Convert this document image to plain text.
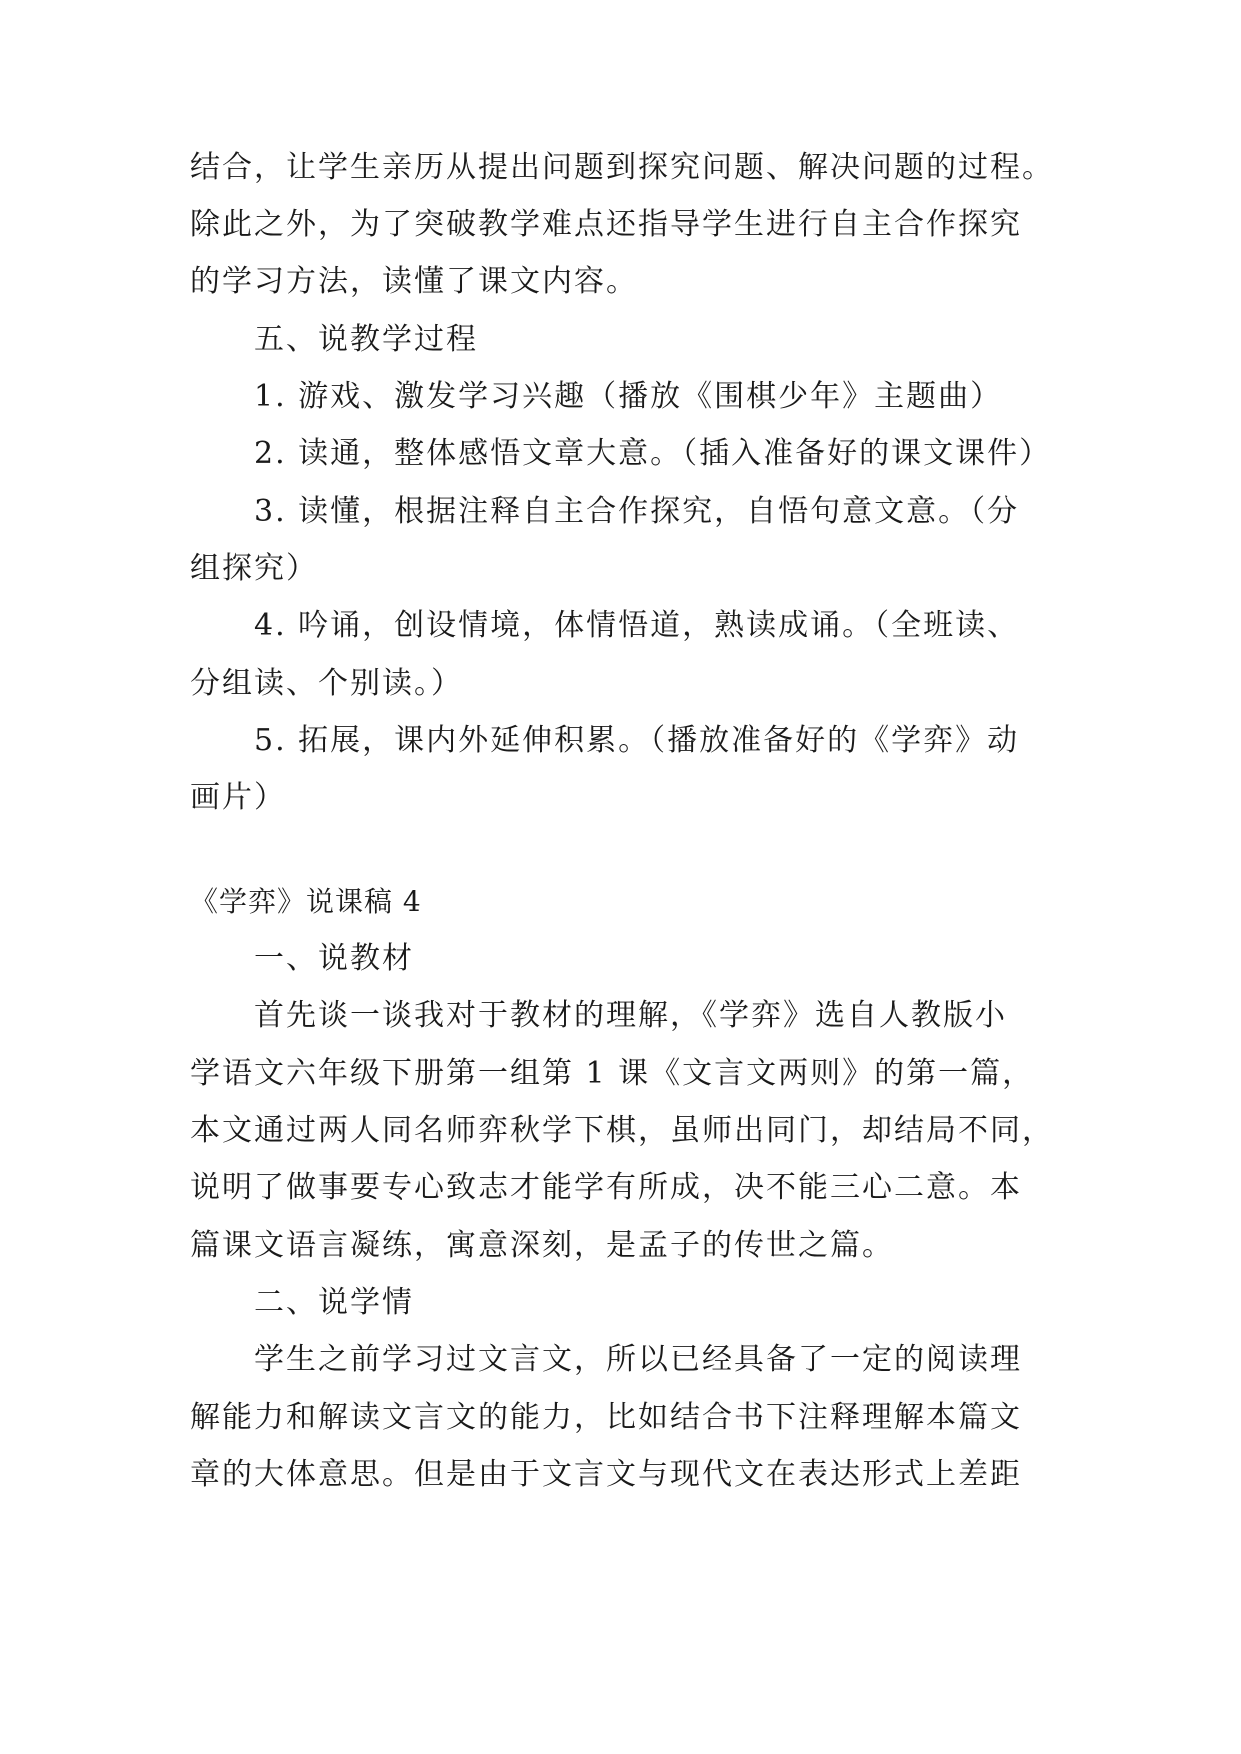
结合，让学生亲历从提出问题到探究问题、解决问题的过程。
除此之外，为了突破教学难点还指导学生进行自主合作探究
的学习方法，读懂了课文内容。
五、说教学过程
1. 游戏、激发学习兴趣（播放《围棋少年》主题曲）
2. 读通，整体感悟文章大意。（插入准备好的课文课件）
3. 读懂，根据注释自主合作探究，自悟句意文意。（分
组探究）
4. 吟诵，创设情境，体情悟道，熟读成诵。（全班读、
分组读、个别读。）
5. 拓展，课内外延伸积累。（播放准备好的《学弈》动
画片）
《学弈》说课稿 4
一、说教材
首先谈一谈我对于教材的理解，《学弈》选自人教版小
学语文六年级下册第一组第 1 课《文言文两则》的第一篇，
本文通过两人同名师弈秋学下棋，虽师出同门，却结局不同，
说明了做事要专心致志才能学有所成，决不能三心二意。本
篇课文语言凝练，寓意深刻，是孟子的传世之篇。
二、说学情
学生之前学习过文言文，所以已经具备了一定的阅读理
解能力和解读文言文的能力，比如结合书下注释理解本篇文
章的大体意思。但是由于文言文与现代文在表达形式上差距
